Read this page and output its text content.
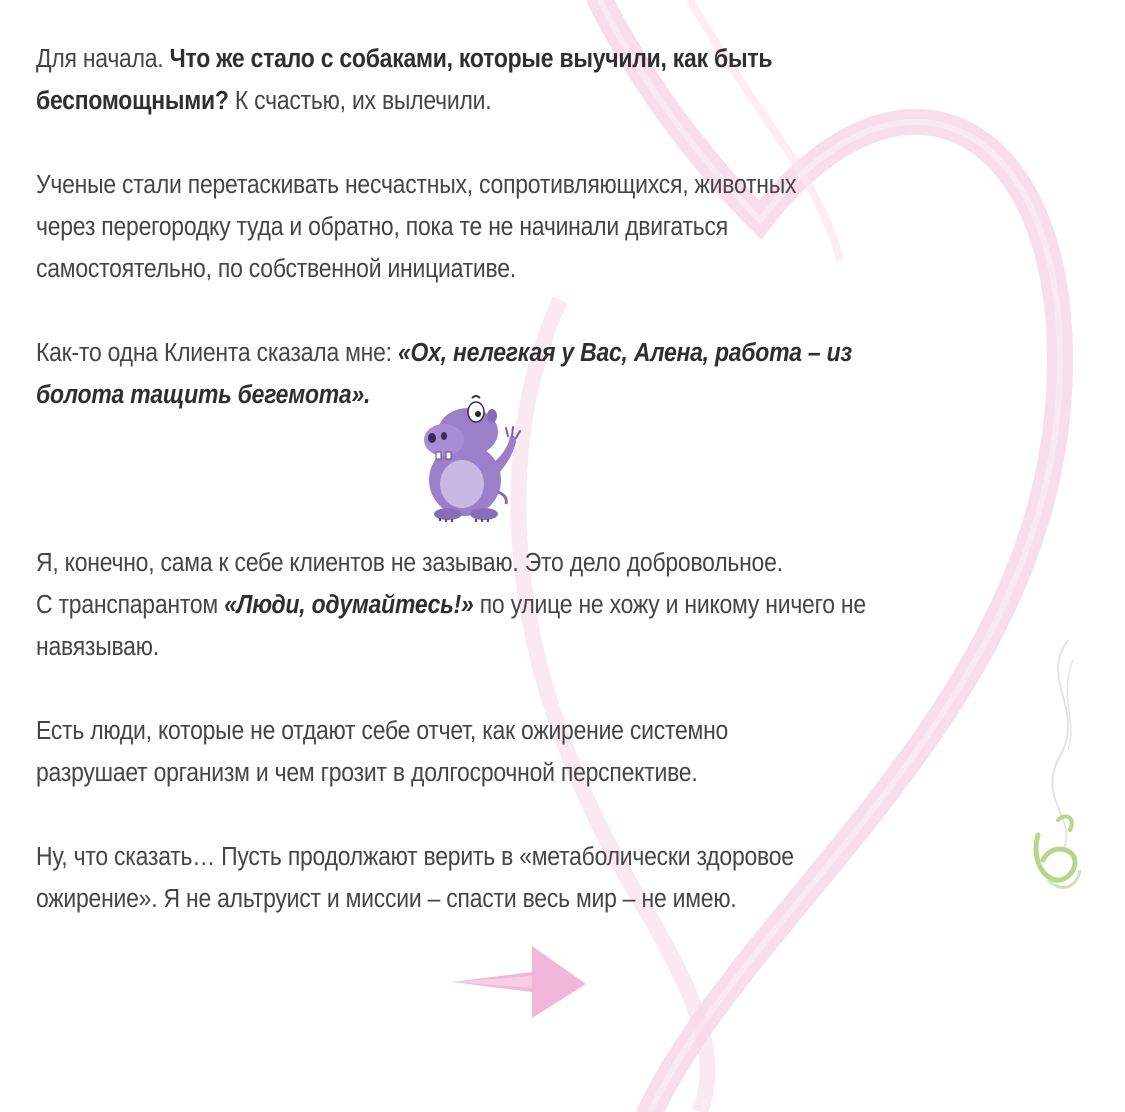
Для начала. Что же стало с собаками, которые выучили, как быть
беспомощными? К счастью, их вылечили.

Ученые стали перетаскивать несчастных, сопротивляющихся, животных
через перегородку туда и обратно, пока те не начинали двигаться
самостоятельно, по собственной инициативе.

Как-то одна Клиента сказала мне: «Ох, нелегкая у Вас, Алена, работа – из
болота тащить бегемота».

Я, конечно, сама к себе клиентов не зазываю. Это дело добровольное.
С транспарантом «Люди, одумайтесь!» по улице не хожу и никому ничего не
навязываю.

Есть люди, которые не отдают себе отчет, как ожирение системно
разрушает организм и чем грозит в долгосрочной перспективе.

Ну, что сказать… Пусть продолжают верить в «метаболически здоровое
ожирение». Я не альтруист и миссии – спасти весь мир – не имею.
